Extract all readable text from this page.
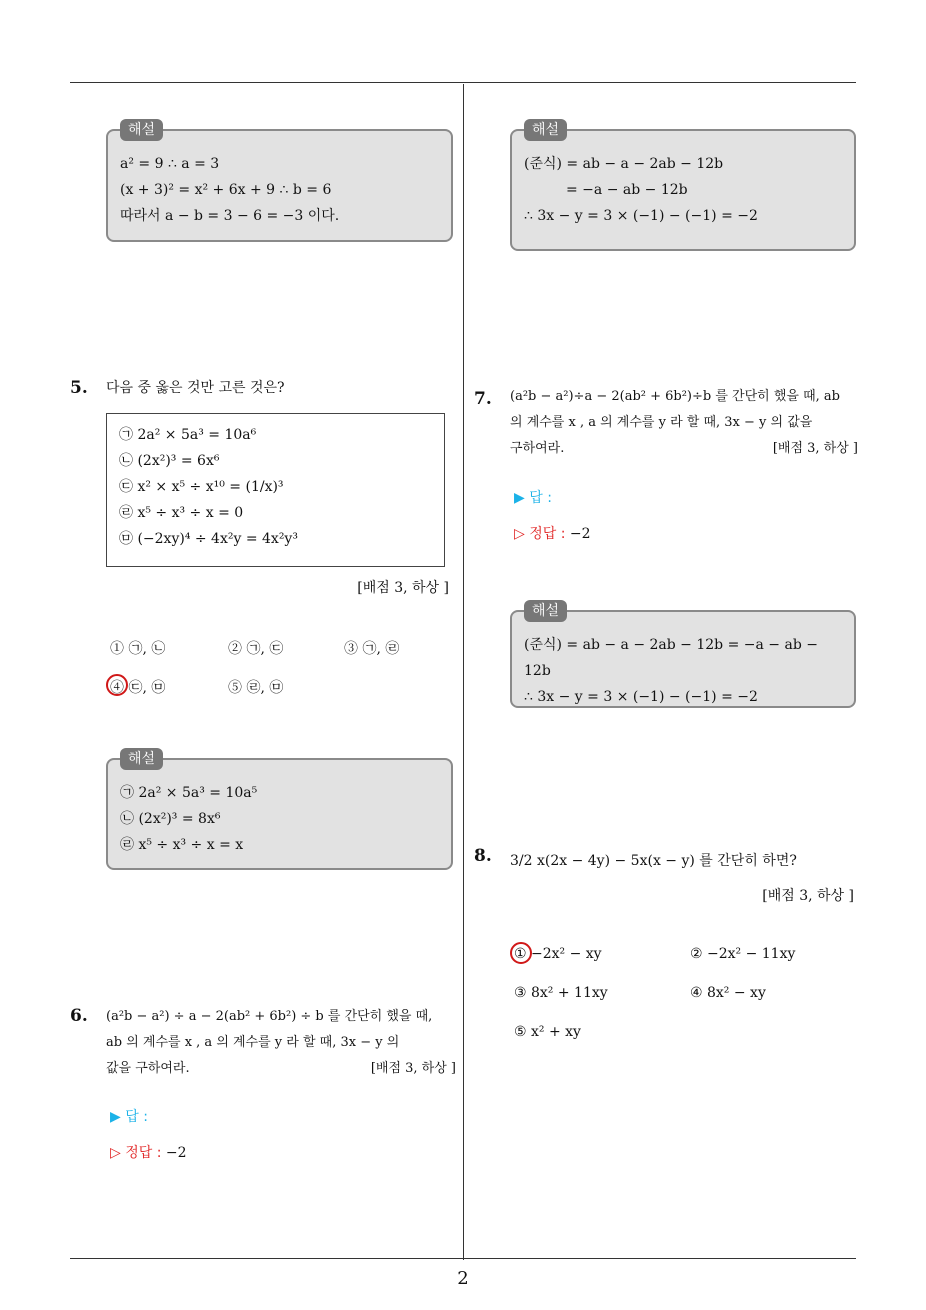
해설
a² = 9 ∴ a = 3
(x + 3)² = x² + 6x + 9 ∴ b = 6
따라서 a − b = 3 − 6 = −3 이다.
5. 다음 중 옳은 것만 고른 것은?
㉠ 2a² × 5a³ = 10a⁶
㉡ (2x²)³ = 6x⁶
㉢ x² × x⁵ ÷ x¹⁰ = (1/x)³
㉣ x⁵ ÷ x³ ÷ x = 0
㉤ (−2xy)⁴ ÷ 4x²y = 4x²y³
[배점 3, 하상 ]
① ㉠, ㉡	② ㉠, ㉢	③ ㉠, ㉣
④ ㉢, ㉤	⑤ ㉣, ㉤
해설
㉠ 2a² × 5a³ = 10a⁵
㉡ (2x²)³ = 8x⁶
㉣ x⁵ ÷ x³ ÷ x = x
6. (a²b − a²) ÷ a − 2(ab² + 6b²) ÷ b 를 간단히 했을 때,
ab 의 계수를 x , a 의 계수를 y 라 할 때, 3x − y 의
값을 구하여라.	[배점 3, 하상 ]
▶ 답 :
▷ 정답 : −2
해설
(준식) = ab − a − 2ab − 12b
= −a − ab − 12b
∴ 3x − y = 3 × (−1) − (−1) = −2
7. (a²b − a²)÷a − 2(ab² + 6b²)÷b 를 간단히 했을 때, ab
의 계수를 x , a 의 계수를 y 라 할 때, 3x − y 의 값을
구하여라.	[배점 3, 하상 ]
▶ 답 :
▷ 정답 : −2
해설
(준식) = ab − a − 2ab − 12b = −a − ab − 12b
∴ 3x − y = 3 × (−1) − (−1) = −2
8. 3/2 x(2x − 4y) − 5x(x − y) 를 간단히 하면?
[배점 3, 하상 ]
① −2x² − xy	② −2x² − 11xy
③ 8x² + 11xy	④ 8x² − xy
⑤ x² + xy
2
